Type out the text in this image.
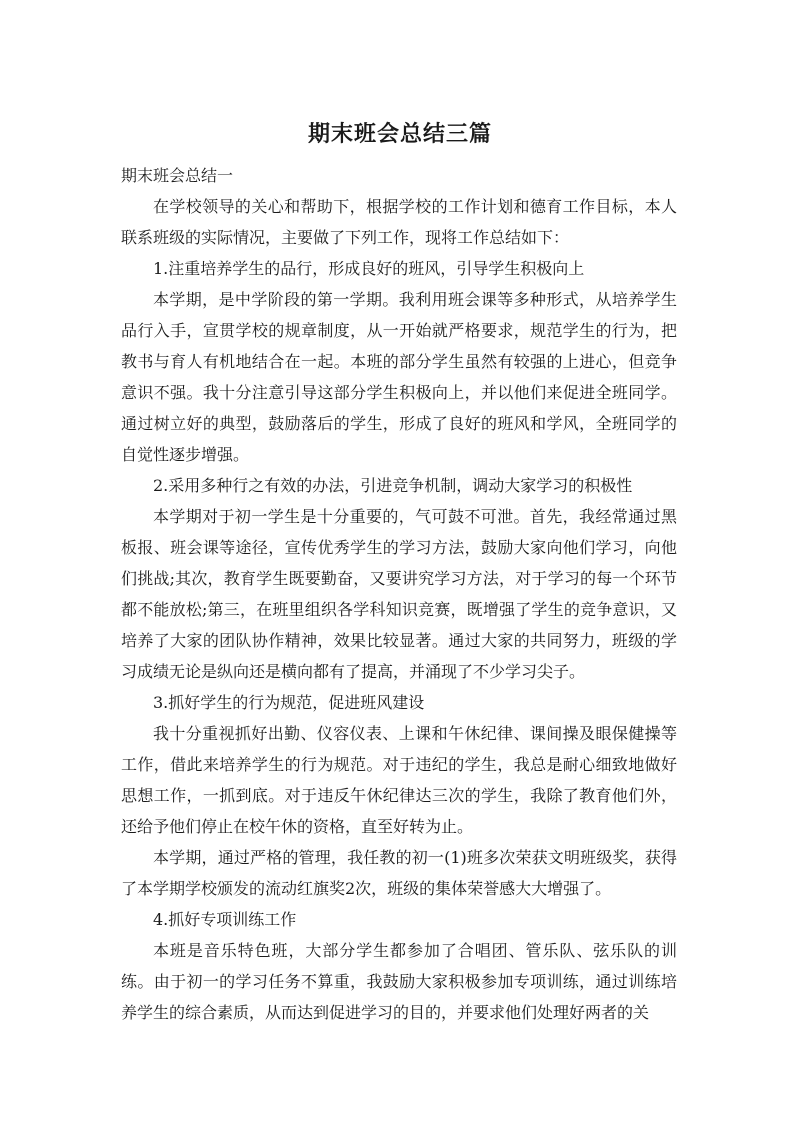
期末班会总结三篇

期末班会总结一

在学校领导的关心和帮助下，根据学校的工作计划和德育工作目标，本人联系班级的实际情况，主要做了下列工作，现将工作总结如下：

1.注重培养学生的品行，形成良好的班风，引导学生积极向上

本学期，是中学阶段的第一学期。我利用班会课等多种形式，从培养学生品行入手，宣贯学校的规章制度，从一开始就严格要求，规范学生的行为，把教书与育人有机地结合在一起。本班的部分学生虽然有较强的上进心，但竞争意识不强。我十分注意引导这部分学生积极向上，并以他们来促进全班同学。通过树立好的典型，鼓励落后的学生，形成了良好的班风和学风，全班同学的自觉性逐步增强。

2.采用多种行之有效的办法，引进竞争机制，调动大家学习的积极性

本学期对于初一学生是十分重要的，气可鼓不可泄。首先，我经常通过黑板报、班会课等途径，宣传优秀学生的学习方法，鼓励大家向他们学习，向他们挑战;其次，教育学生既要勤奋，又要讲究学习方法，对于学习的每一个环节都不能放松;第三，在班里组织各学科知识竞赛，既增强了学生的竞争意识，又培养了大家的团队协作精神，效果比较显著。通过大家的共同努力，班级的学习成绩无论是纵向还是横向都有了提高，并涌现了不少学习尖子。

3.抓好学生的行为规范，促进班风建设

我十分重视抓好出勤、仪容仪表、上课和午休纪律、课间操及眼保健操等工作，借此来培养学生的行为规范。对于违纪的学生，我总是耐心细致地做好思想工作，一抓到底。对于违反午休纪律达三次的学生，我除了教育他们外，还给予他们停止在校午休的资格，直至好转为止。

本学期，通过严格的管理，我任教的初一(1)班多次荣获文明班级奖，获得了本学期学校颁发的流动红旗奖2次，班级的集体荣誉感大大增强了。

4.抓好专项训练工作

本班是音乐特色班，大部分学生都参加了合唱团、管乐队、弦乐队的训练。由于初一的学习任务不算重，我鼓励大家积极参加专项训练，通过训练培养学生的综合素质，从而达到促进学习的目的，并要求他们处理好两者的关
